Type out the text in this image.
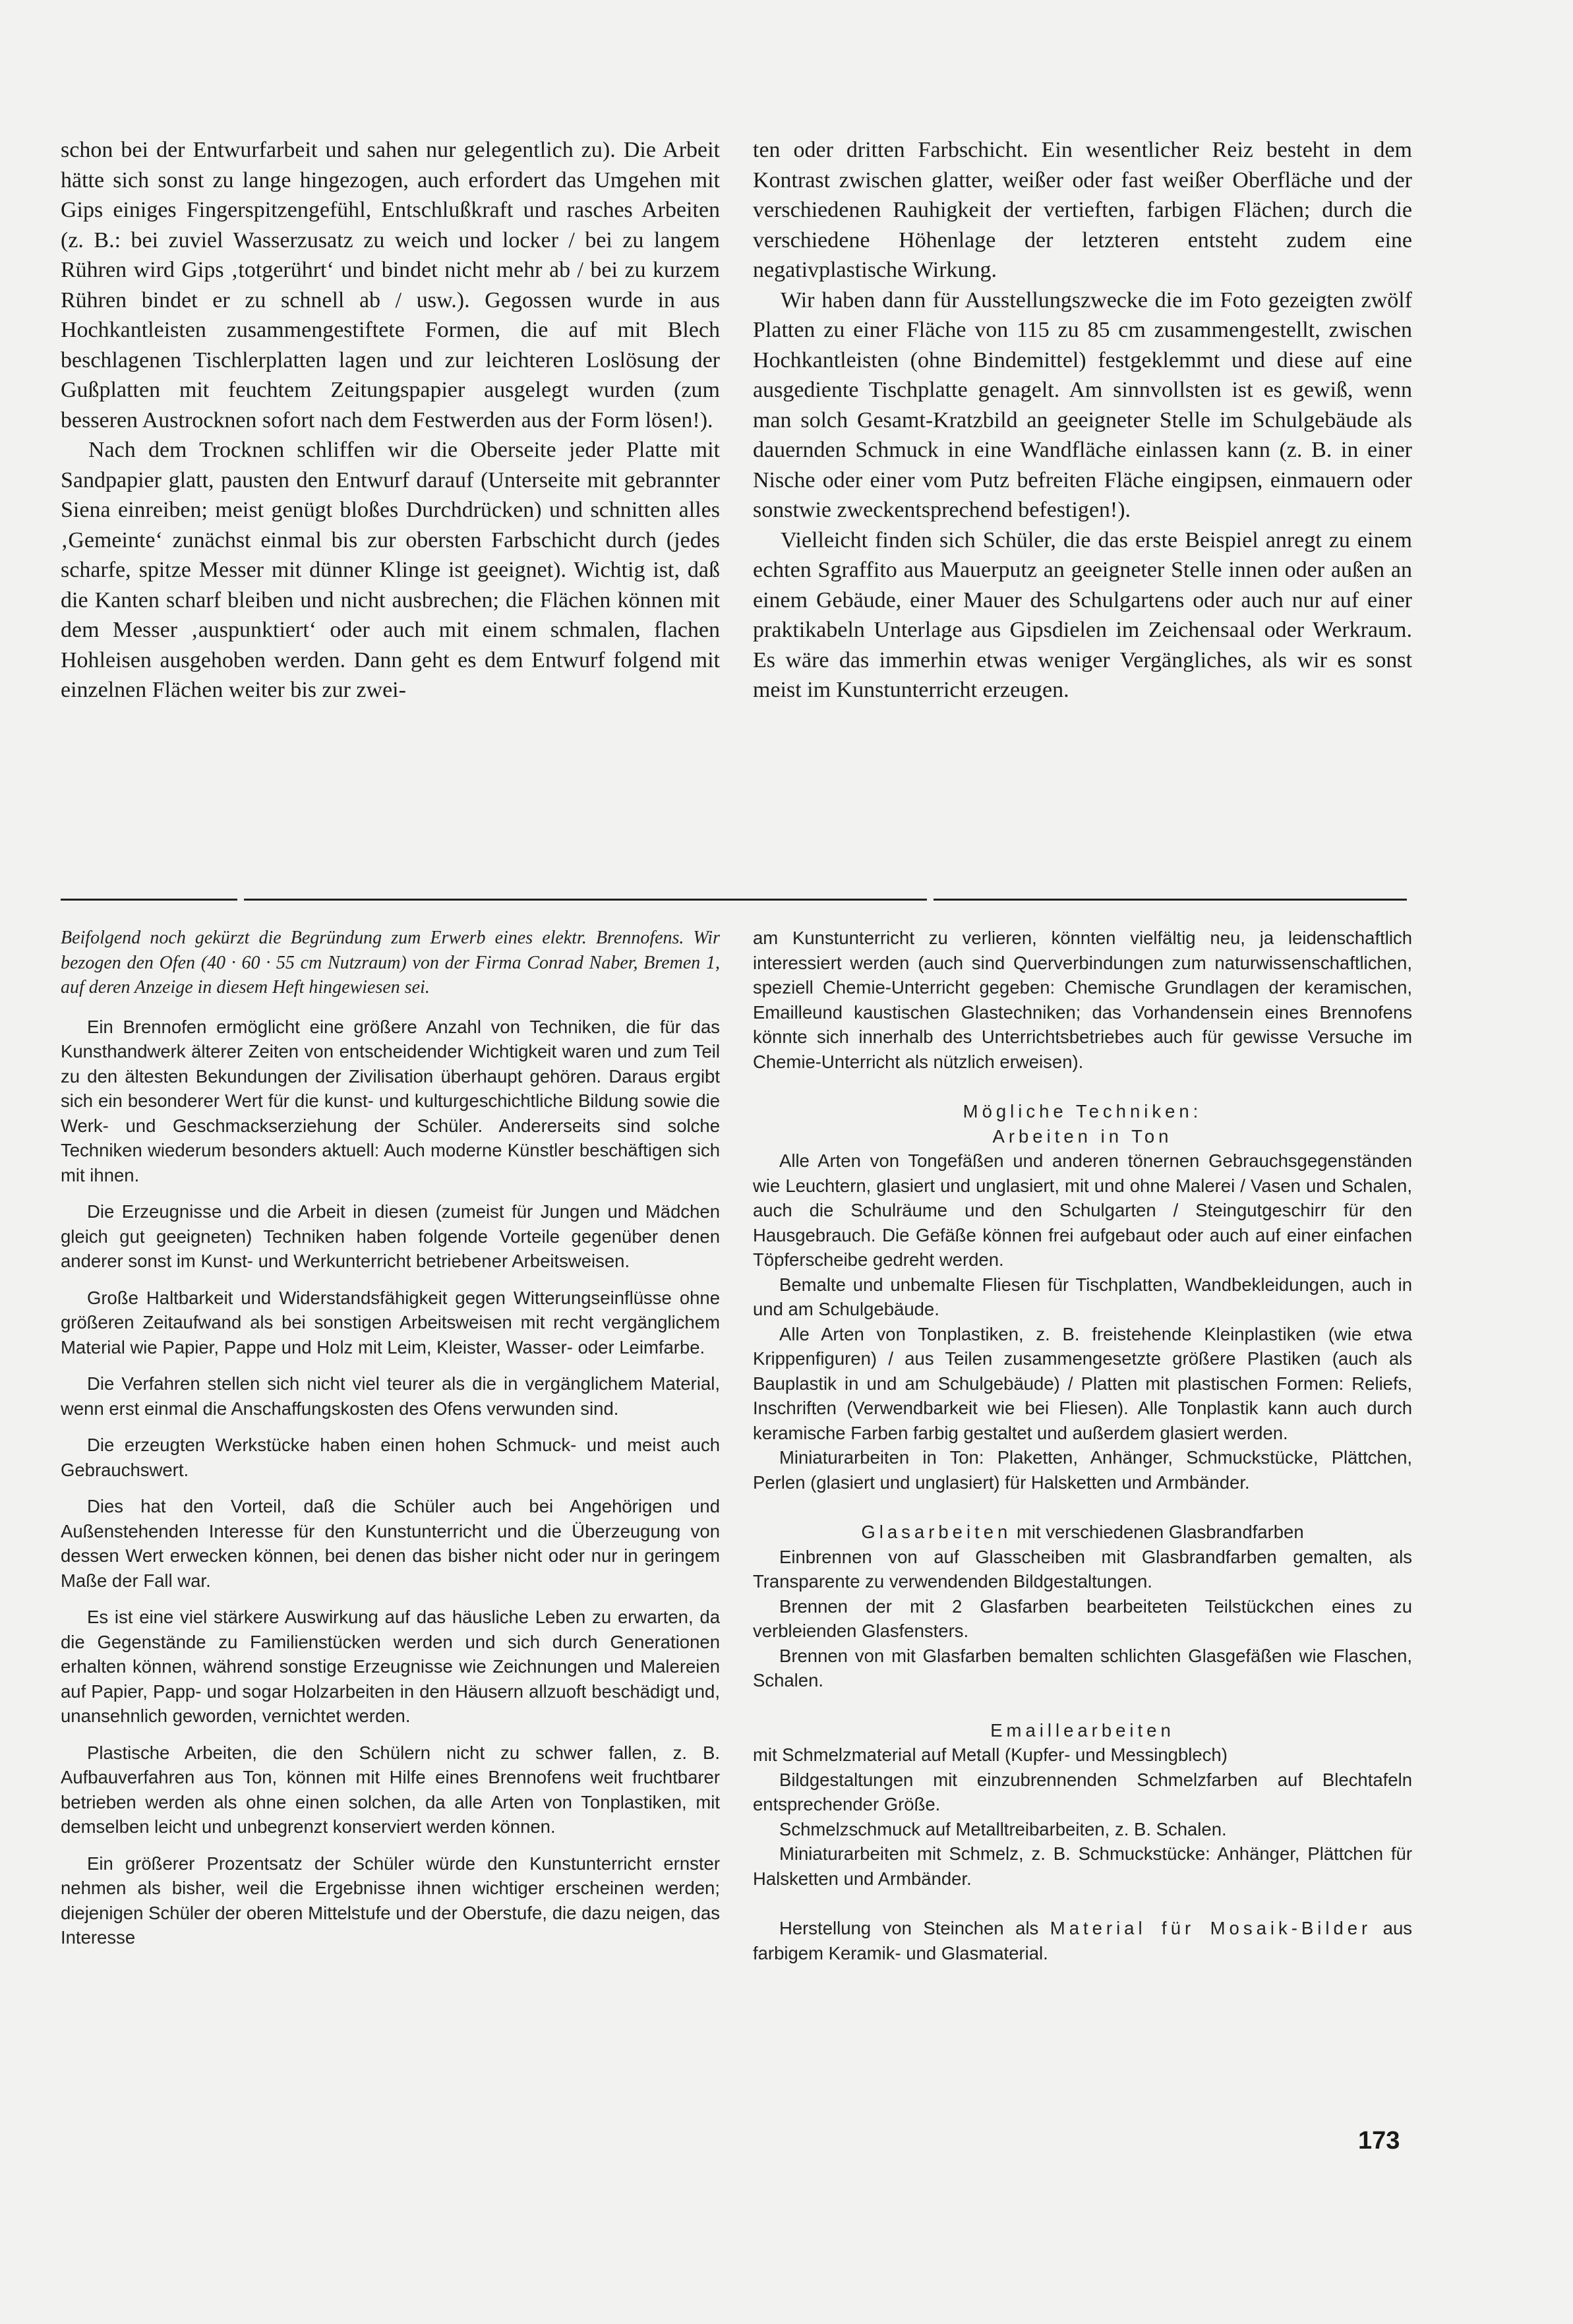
schon bei der Entwurfarbeit und sahen nur gelegentlich zu). Die Arbeit hätte sich sonst zu lange hingezogen, auch erfordert das Umgehen mit Gips einiges Fingerspitzengefühl, Entschlußkraft und rasches Arbeiten (z. B.: bei zuviel Wasserzusatz zu weich und locker / bei zu langem Rühren wird Gips ‚totgerührt‘ und bindet nicht mehr ab / bei zu kurzem Rühren bindet er zu schnell ab / usw.). Gegossen wurde in aus Hochkantleisten zusammengestiftete Formen, die auf mit Blech beschlagenen Tischlerplatten lagen und zur leichteren Loslösung der Gußplatten mit feuchtem Zeitungspapier ausgelegt wurden (zum besseren Austrocknen sofort nach dem Festwerden aus der Form lösen!).

Nach dem Trocknen schliffen wir die Oberseite jeder Platte mit Sandpapier glatt, pausten den Entwurf darauf (Unterseite mit gebrannter Siena einreiben; meist genügt bloßes Durchdrücken) und schnitten alles ‚Gemeinte‘ zunächst einmal bis zur obersten Farbschicht durch (jedes scharfe, spitze Messer mit dünner Klinge ist geeignet). Wichtig ist, daß die Kanten scharf bleiben und nicht ausbrechen; die Flächen können mit dem Messer ‚auspunktiert‘ oder auch mit einem schmalen, flachen Hohleisen ausgehoben werden. Dann geht es dem Entwurf folgend mit einzelnen Flächen weiter bis zur zwei-

ten oder dritten Farbschicht. Ein wesentlicher Reiz besteht in dem Kontrast zwischen glatter, weißer oder fast weißer Oberfläche und der verschiedenen Rauhigkeit der vertieften, farbigen Flächen; durch die verschiedene Höhenlage der letzteren entsteht zudem eine negativplastische Wirkung.

Wir haben dann für Ausstellungszwecke die im Foto gezeigten zwölf Platten zu einer Fläche von 115 zu 85 cm zusammengestellt, zwischen Hochkantleisten (ohne Bindemittel) festgeklemmt und diese auf eine ausgediente Tischplatte genagelt. Am sinnvollsten ist es gewiß, wenn man solch Gesamt-Kratzbild an geeigneter Stelle im Schulgebäude als dauernden Schmuck in eine Wandfläche einlassen kann (z. B. in einer Nische oder einer vom Putz befreiten Fläche eingipsen, einmauern oder sonstwie zweckentsprechend befestigen!).

Vielleicht finden sich Schüler, die das erste Beispiel anregt zu einem echten Sgraffito aus Mauerputz an geeigneter Stelle innen oder außen an einem Gebäude, einer Mauer des Schulgartens oder auch nur auf einer praktikabeln Unterlage aus Gipsdielen im Zeichensaal oder Werkraum. Es wäre das immerhin etwas weniger Vergängliches, als wir es sonst meist im Kunstunterricht erzeugen.

Beifolgend noch gekürzt die Begründung zum Erwerb eines elektr. Brennofens. Wir bezogen den Ofen (40 · 60 · 55 cm Nutzraum) von der Firma Conrad Naber, Bremen 1, auf deren Anzeige in diesem Heft hingewiesen sei.

Ein Brennofen ermöglicht eine größere Anzahl von Techniken, die für das Kunsthandwerk älterer Zeiten von entscheidender Wichtigkeit waren und zum Teil zu den ältesten Bekundungen der Zivilisation überhaupt gehören. Daraus ergibt sich ein besonderer Wert für die kunst- und kulturgeschichtliche Bildung sowie die Werk- und Geschmackserziehung der Schüler. Andererseits sind solche Techniken wiederum besonders aktuell: Auch moderne Künstler beschäftigen sich mit ihnen.

Die Erzeugnisse und die Arbeit in diesen (zumeist für Jungen und Mädchen gleich gut geeigneten) Techniken haben folgende Vorteile gegenüber denen anderer sonst im Kunst- und Werkunterricht betriebener Arbeitsweisen.

Große Haltbarkeit und Widerstandsfähigkeit gegen Witterungseinflüsse ohne größeren Zeitaufwand als bei sonstigen Arbeitsweisen mit recht vergänglichem Material wie Papier, Pappe und Holz mit Leim, Kleister, Wasser- oder Leimfarbe.

Die Verfahren stellen sich nicht viel teurer als die in vergänglichem Material, wenn erst einmal die Anschaffungskosten des Ofens verwunden sind.

Die erzeugten Werkstücke haben einen hohen Schmuck- und meist auch Gebrauchswert.

Dies hat den Vorteil, daß die Schüler auch bei Angehörigen und Außenstehenden Interesse für den Kunstunterricht und die Überzeugung von dessen Wert erwecken können, bei denen das bisher nicht oder nur in geringem Maße der Fall war.

Es ist eine viel stärkere Auswirkung auf das häusliche Leben zu erwarten, da die Gegenstände zu Familienstücken werden und sich durch Generationen erhalten können, während sonstige Erzeugnisse wie Zeichnungen und Malereien auf Papier, Papp- und sogar Holzarbeiten in den Häusern allzuoft beschädigt und, unansehnlich geworden, vernichtet werden.

Plastische Arbeiten, die den Schülern nicht zu schwer fallen, z. B. Aufbauverfahren aus Ton, können mit Hilfe eines Brennofens weit fruchtbarer betrieben werden als ohne einen solchen, da alle Arten von Tonplastiken, mit demselben leicht und unbegrenzt konserviert werden können.

Ein größerer Prozentsatz der Schüler würde den Kunstunterricht ernster nehmen als bisher, weil die Ergebnisse ihnen wichtiger erscheinen werden; diejenigen Schüler der oberen Mittelstufe und der Oberstufe, die dazu neigen, das Interesse

am Kunstunterricht zu verlieren, könnten vielfältig neu, ja leidenschaftlich interessiert werden (auch sind Querverbindungen zum naturwissenschaftlichen, speziell Chemie-Unterricht gegeben: Chemische Grundlagen der keramischen, Emailleund kaustischen Glastechniken; das Vorhandensein eines Brennofens könnte sich innerhalb des Unterrichtsbetriebes auch für gewisse Versuche im Chemie-Unterricht als nützlich erweisen).

Mögliche Techniken:

Arbeiten in Ton

Alle Arten von Tongefäßen und anderen tönernen Gebrauchsgegenständen wie Leuchtern, glasiert und unglasiert, mit und ohne Malerei / Vasen und Schalen, auch die Schulräume und den Schulgarten / Steingutgeschirr für den Hausgebrauch. Die Gefäße können frei aufgebaut oder auch auf einer einfachen Töpferscheibe gedreht werden.

Bemalte und unbemalte Fliesen für Tischplatten, Wandbekleidungen, auch in und am Schulgebäude.

Alle Arten von Tonplastiken, z. B. freistehende Kleinplastiken (wie etwa Krippenfiguren) / aus Teilen zusammengesetzte größere Plastiken (auch als Bauplastik in und am Schulgebäude) / Platten mit plastischen Formen: Reliefs, Inschriften (Verwendbarkeit wie bei Fliesen). Alle Tonplastik kann auch durch keramische Farben farbig gestaltet und außerdem glasiert werden.

Miniaturarbeiten in Ton: Plaketten, Anhänger, Schmuckstücke, Plättchen, Perlen (glasiert und unglasiert) für Halsketten und Armbänder.

Glasarbeiten mit verschiedenen Glasbrandfarben

Einbrennen von auf Glasscheiben mit Glasbrandfarben gemalten, als Transparente zu verwendenden Bildgestaltungen.

Brennen der mit 2 Glasfarben bearbeiteten Teilstückchen eines zu verbleienden Glasfensters.

Brennen von mit Glasfarben bemalten schlichten Glasgefäßen wie Flaschen, Schalen.

Emaillearbeiten

mit Schmelzmaterial auf Metall (Kupfer- und Messingblech)

Bildgestaltungen mit einzubrennenden Schmelzfarben auf Blechtafeln entsprechender Größe.

Schmelzschmuck auf Metalltreibarbeiten, z. B. Schalen.

Miniaturarbeiten mit Schmelz, z. B. Schmuckstücke: Anhänger, Plättchen für Halsketten und Armbänder.

Herstellung von Steinchen als Material für Mosaik-Bilder aus farbigem Keramik- und Glasmaterial.

173
